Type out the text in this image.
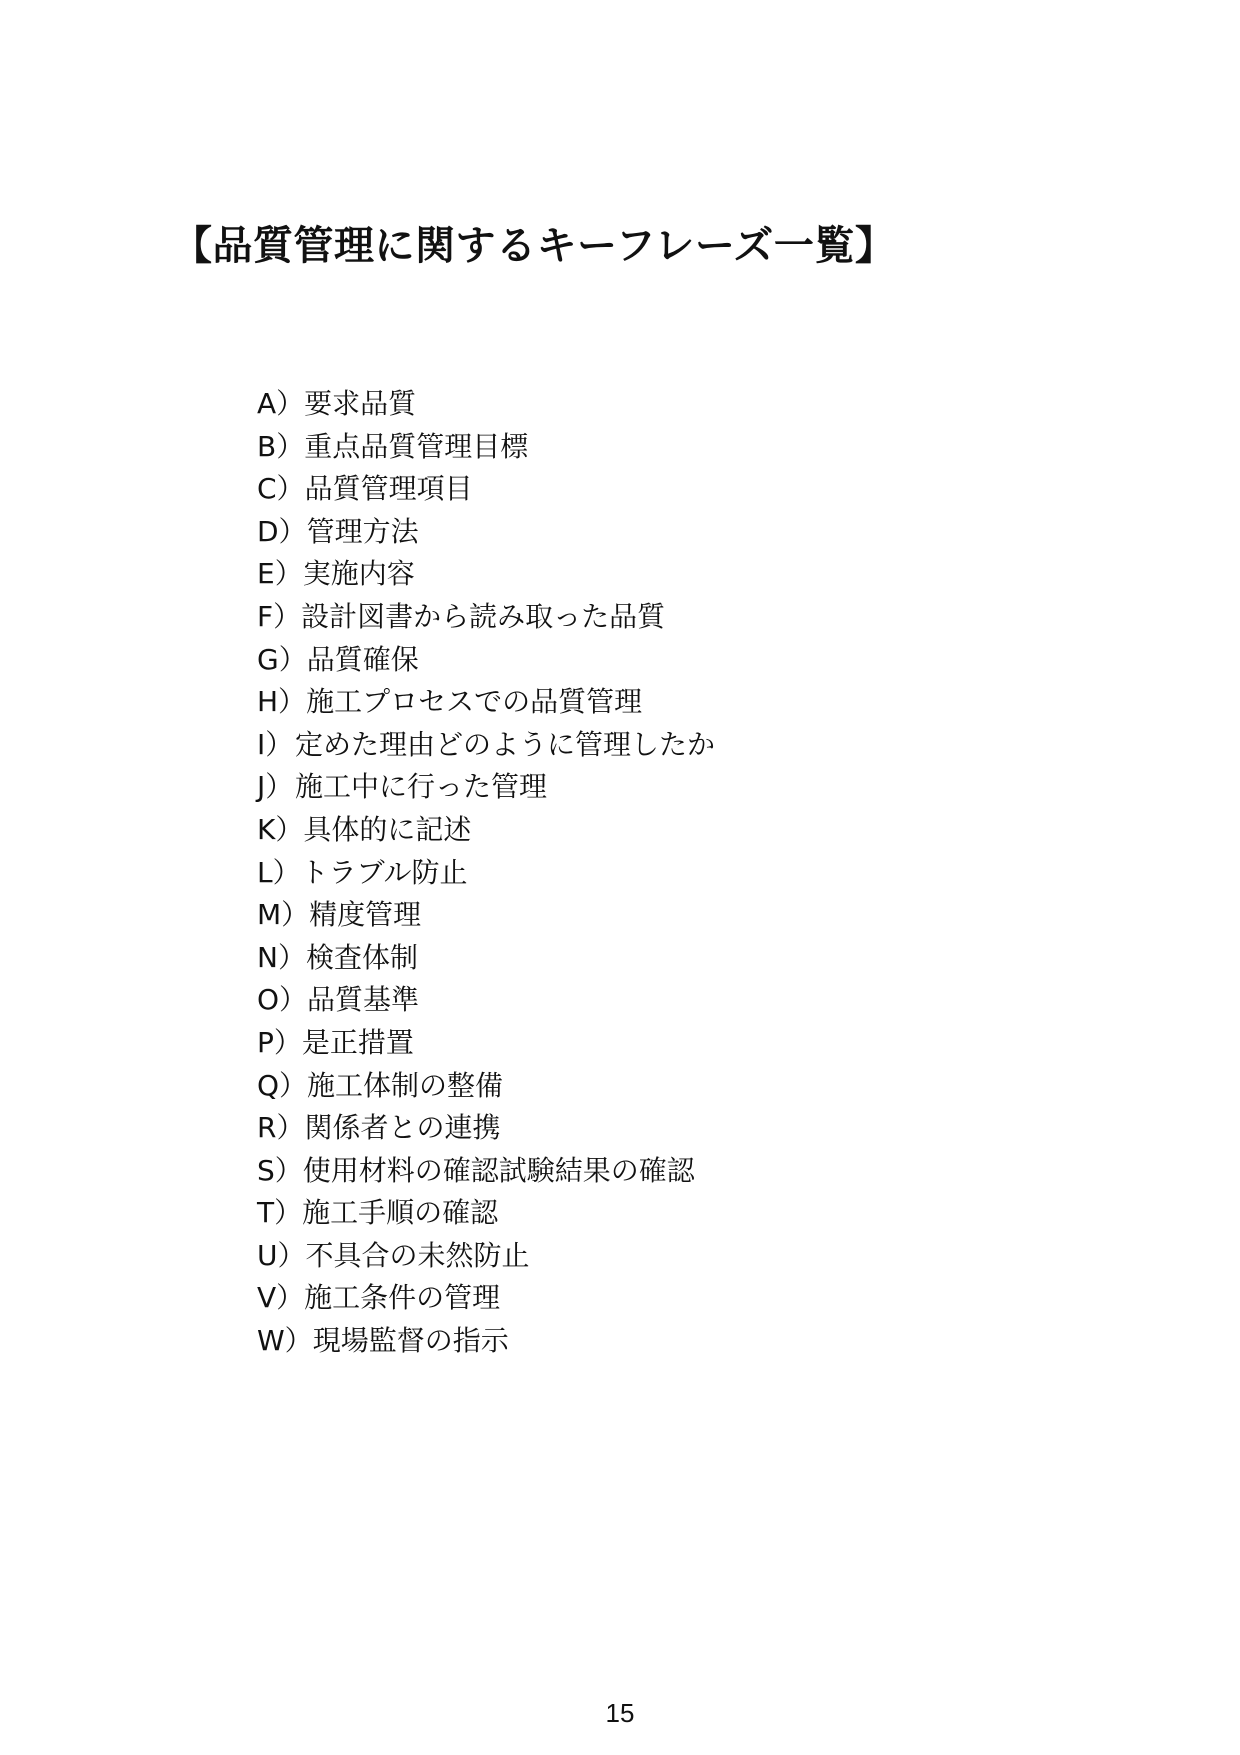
【品質管理に関するキーフレーズ一覧】
A） 要求品質
B） 重点品質管理目標
C） 品質管理項目
D） 管理方法
E） 実施内容
F） 設計図書から読み取った品質
G） 品質確保
H） 施工プロセスでの品質管理
I） 定めた理由どのように管理したか
J） 施工中に行った管理
K） 具体的に記述
L） トラブル防止
M） 精度管理
N） 検査体制
O） 品質基準
P） 是正措置
Q） 施工体制の整備
R） 関係者との連携
S） 使用材料の確認試験結果の確認
T） 施工手順の確認
U） 不具合の未然防止
V） 施工条件の管理
W） 現場監督の指示
15
